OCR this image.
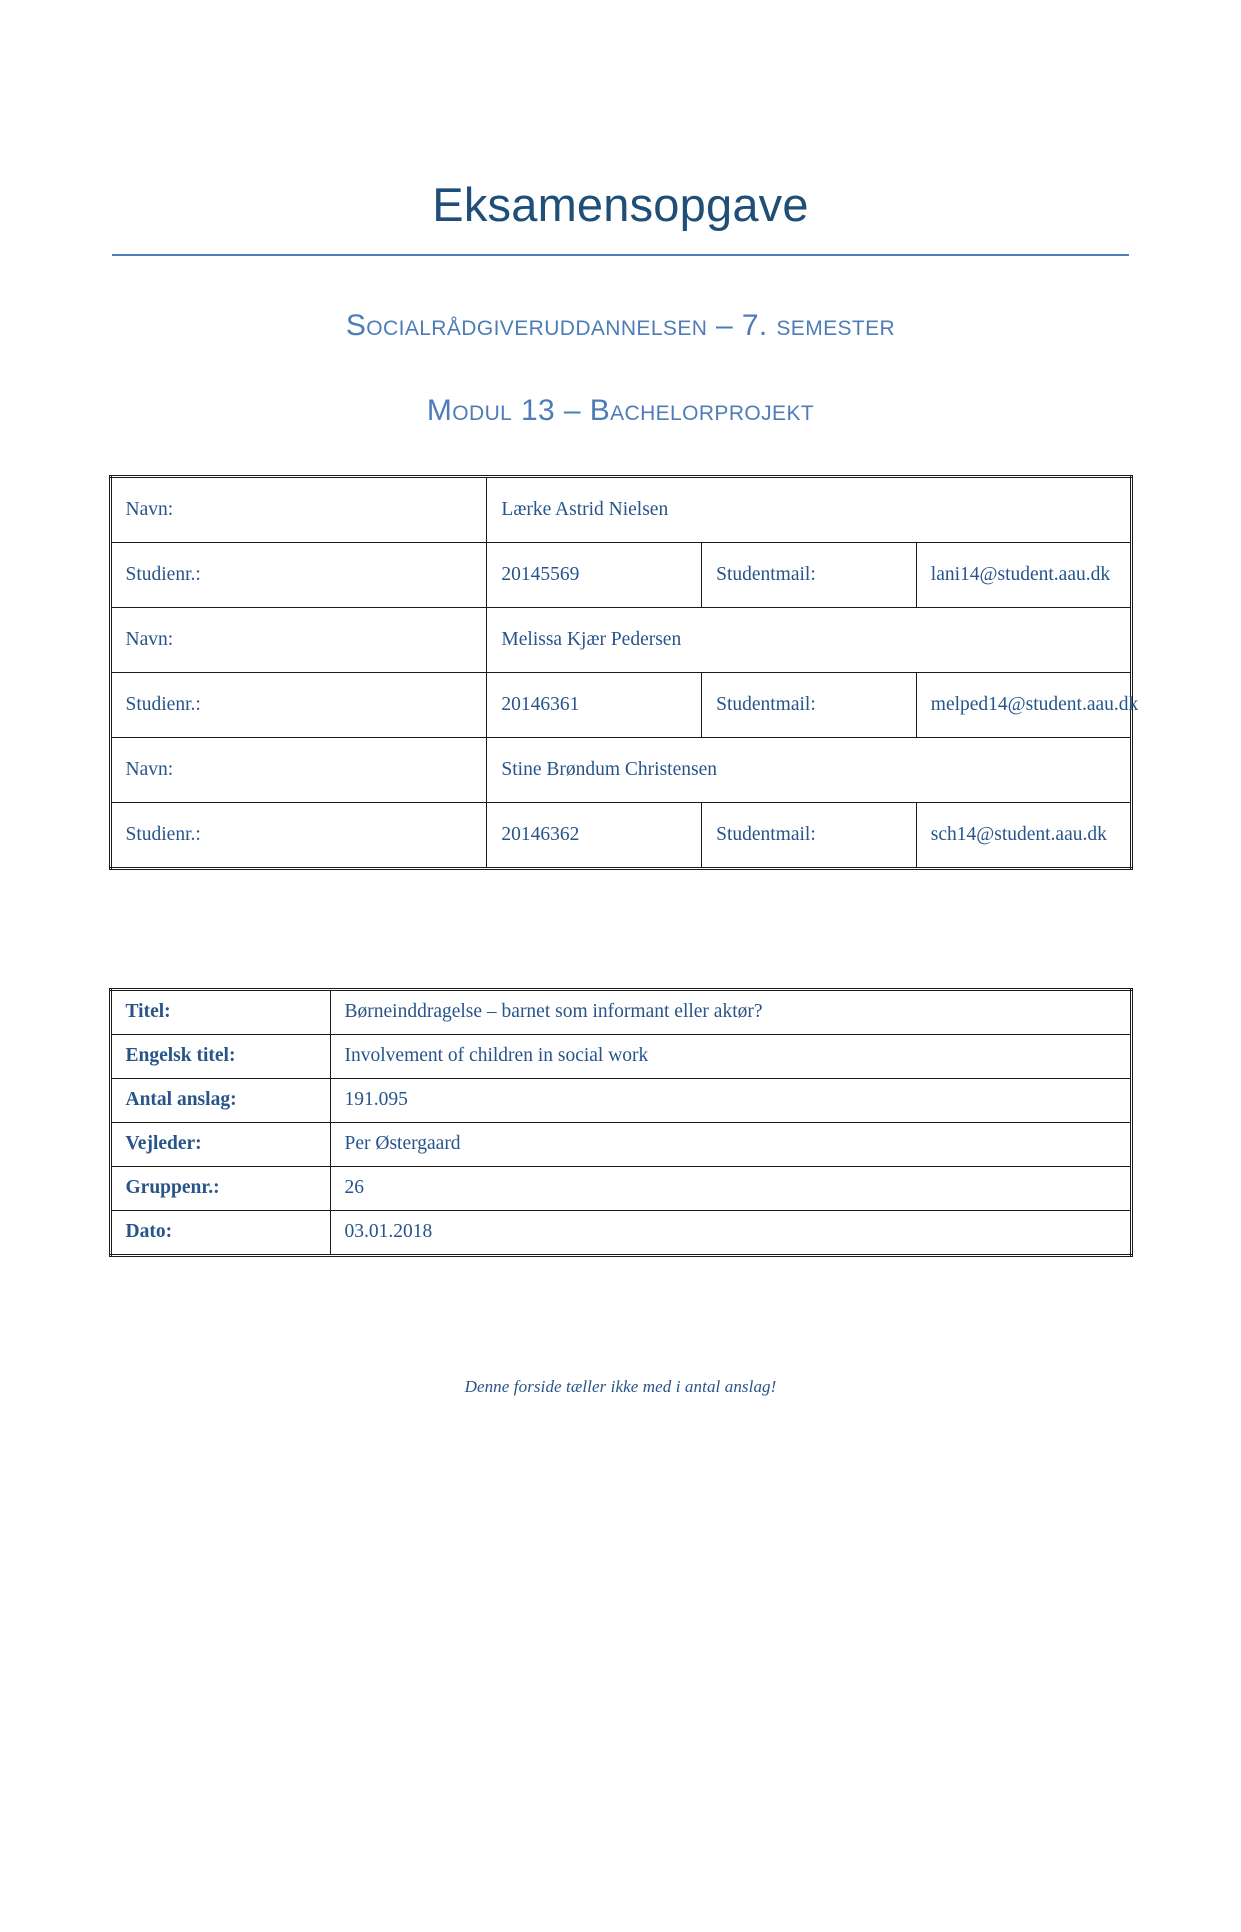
Eksamensopgave

Socialrådgiveruddannelsen – 7. semester

Modul 13 – Bachelorprojekt

Navn:	Lærke Astrid Nielsen		
Studienr.:	20145569	Studentmail:	lani14@student.aau.dk
Navn:	Melissa Kjær Pedersen		
Studienr.:	20146361	Studentmail:	melped14@student.aau.dk
Navn:	Stine Brøndum Christensen		
Studienr.:	20146362	Studentmail:	sch14@student.aau.dk
Titel:	Børneinddragelse – barnet som informant eller aktør?
Engelsk titel:	Involvement of children in social work
Antal anslag:	191.095
Vejleder:	Per Østergaard
Gruppenr.:	26
Dato:	03.01.2018

Denne forside tæller ikke med i antal anslag!
